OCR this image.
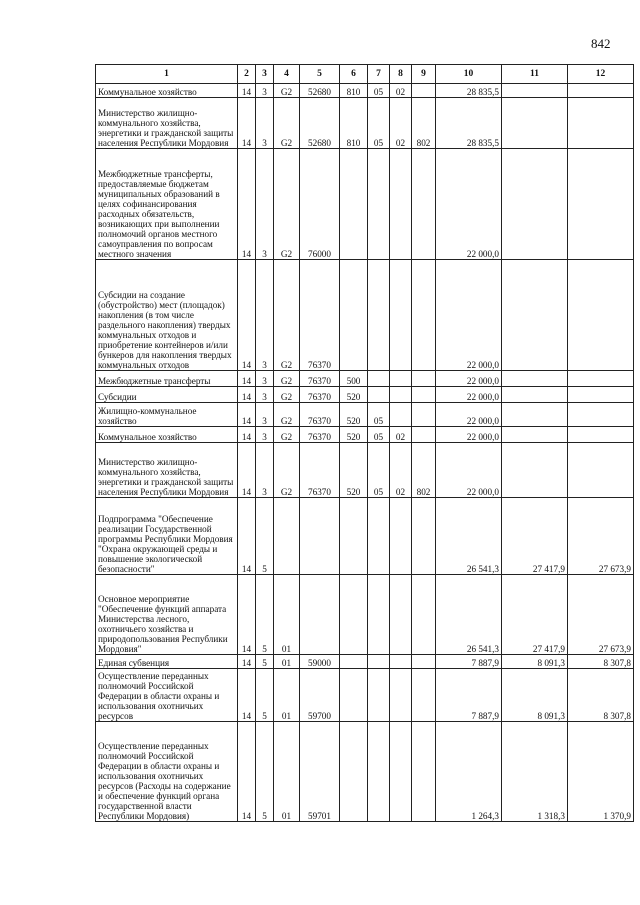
842
1	2	3	4	5	6	7	8	9	10	11	12
Коммунальное хозяйство	14	3	G2	52680	810	05	02		28 835,5		
Министерство жилищно-коммунального хозяйства, энергетики и гражданской защиты населения Республики Мордовия	14	3	G2	52680	810	05	02	802	28 835,5		
Межбюджетные трансферты, предоставляемые бюджетам муниципальных образований в целях софинансирования расходных обязательств, возникающих при выполнении полномочий органов местного самоуправления по вопросам местного значения	14	3	G2	76000					22 000,0		
Субсидии на создание (обустройство) мест (площадок) накопления (в том числе раздельного накопления) твердых коммунальных отходов и приобретение контейнеров и/или бункеров для накопления твердых коммунальных отходов	14	3	G2	76370					22 000,0		
Межбюджетные трансферты	14	3	G2	76370	500				22 000,0		
Субсидии	14	3	G2	76370	520				22 000,0		
Жилищно-коммунальное хозяйство	14	3	G2	76370	520	05			22 000,0		
Коммунальное хозяйство	14	3	G2	76370	520	05	02		22 000,0		
Министерство жилищно-коммунального хозяйства, энергетики и гражданской защиты населения Республики Мордовия	14	3	G2	76370	520	05	02	802	22 000,0		
Подпрограмма "Обеспечение реализации Государственной программы Республики Мордовия "Охрана окружающей среды и повышение экологической безопасности"	14	5							26 541,3	27 417,9	27 673,9
Основное мероприятие "Обеспечение функций аппарата Министерства лесного, охотничьего хозяйства и природопользования Республики Мордовия"	14	5	01						26 541,3	27 417,9	27 673,9
Единая субвенция	14	5	01	59000					7 887,9	8 091,3	8 307,8
Осуществление переданных полномочий Российской Федерации в области охраны и использования охотничьих ресурсов	14	5	01	59700					7 887,9	8 091,3	8 307,8
Осуществление переданных полномочий Российской Федерации в области охраны и использования охотничьих ресурсов (Расходы на содержание и обеспечение функций органа государственной власти Республики Мордовия)	14	5	01	59701					1 264,3	1 318,3	1 370,9
